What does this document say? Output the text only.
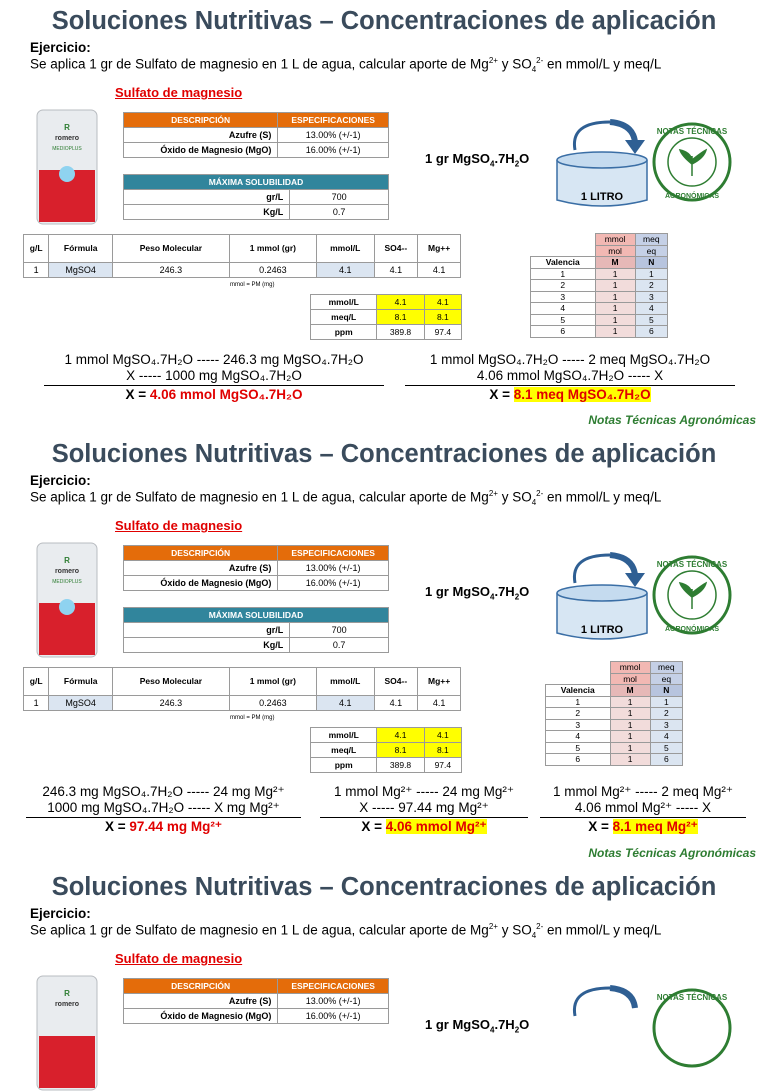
Soluciones Nutritivas – Concentraciones de aplicación
Ejercicio:
Se aplica 1 gr de Sulfato de magnesio en 1 L de agua, calcular aporte de $Mg^{2+}$ y $SO_4^{2-}$ en mmol/L y meq/L
Sulfato de magnesio
R
romero
MEDIOPLUS
DESCRIPCIÓN	ESPECIFICACIONES
Azufre (S)	13.00% (+/-1)
Óxido de Magnesio (MgO)	16.00% (+/-1)
MÁXIMA SOLUBILIDAD	
gr/L	700
Kg/L	0.7
1 gr $MgSO_4.7H_2O$
1 LITRO
NOTAS TÉCNICAS
AGRONÓMICAS
g/L	Fórmula	Peso Molecular	1 mmol (gr)	mmol/L	SO4--	Mg++
1	MgSO4	246.3	0.2463	4.1	4.1	4.1
mmol = PM (mg)
mmol/L	4.1	4.1
meq/L	8.1	8.1
ppm	389.8	97.4
	mmol	meq
	mol	eq
Valencia	M	N
1	1	1
2	1	2
3	1	3
4	1	4
5	1	5
6	1	6
1 mmol MgSO₄.7H₂O ----- 246.3 mg MgSO₄.7H₂O
X ----- 1000 mg MgSO₄.7H₂O
X = 4.06 mmol MgSO₄.7H₂O
1 mmol MgSO₄.7H₂O ----- 2 meq MgSO₄.7H₂O
4.06 mmol MgSO₄.7H₂O ----- X
X = 8.1 meq MgSO₄.7H₂O
Notas Técnicas Agronómicas
Soluciones Nutritivas – Concentraciones de aplicación
Ejercicio:
Se aplica 1 gr de Sulfato de magnesio en 1 L de agua, calcular aporte de $Mg^{2+}$ y $SO_4^{2-}$ en mmol/L y meq/L
Sulfato de magnesio
R
romero
MEDIOPLUS
DESCRIPCIÓN	ESPECIFICACIONES
Azufre (S)	13.00% (+/-1)
Óxido de Magnesio (MgO)	16.00% (+/-1)
MÁXIMA SOLUBILIDAD	
gr/L	700
Kg/L	0.7
1 gr $MgSO_4.7H_2O$
1 LITRO
NOTAS TÉCNICAS
AGRONÓMICAS
g/L	Fórmula	Peso Molecular	1 mmol (gr)	mmol/L	SO4--	Mg++
1	MgSO4	246.3	0.2463	4.1	4.1	4.1
mmol = PM (mg)
mmol/L	4.1	4.1
meq/L	8.1	8.1
ppm	389.8	97.4
	mmol	meq
	mol	eq
Valencia	M	N
1	1	1
2	1	2
3	1	3
4	1	4
5	1	5
6	1	6
246.3 mg MgSO₄.7H₂O ----- 24 mg Mg²⁺
1000 mg MgSO₄.7H₂O ----- X mg Mg²⁺
X = 97.44 mg Mg²⁺
1 mmol Mg²⁺ ----- 24 mg Mg²⁺
X ----- 97.44 mg Mg²⁺
X = 4.06 mmol Mg²⁺
1 mmol Mg²⁺ ----- 2 meq Mg²⁺
4.06 mmol Mg²⁺ ----- X
X = 8.1 meq Mg²⁺
Notas Técnicas Agronómicas
Soluciones Nutritivas – Concentraciones de aplicación
Ejercicio:
Se aplica 1 gr de Sulfato de magnesio en 1 L de agua, calcular aporte de $Mg^{2+}$ y $SO_4^{2-}$ en mmol/L y meq/L
Sulfato de magnesio
R
romero
DESCRIPCIÓN	ESPECIFICACIONES
Azufre (S)	13.00% (+/-1)
Óxido de Magnesio (MgO)	16.00% (+/-1)
1 gr $MgSO_4.7H_2O$
NOTAS TÉCNICAS
